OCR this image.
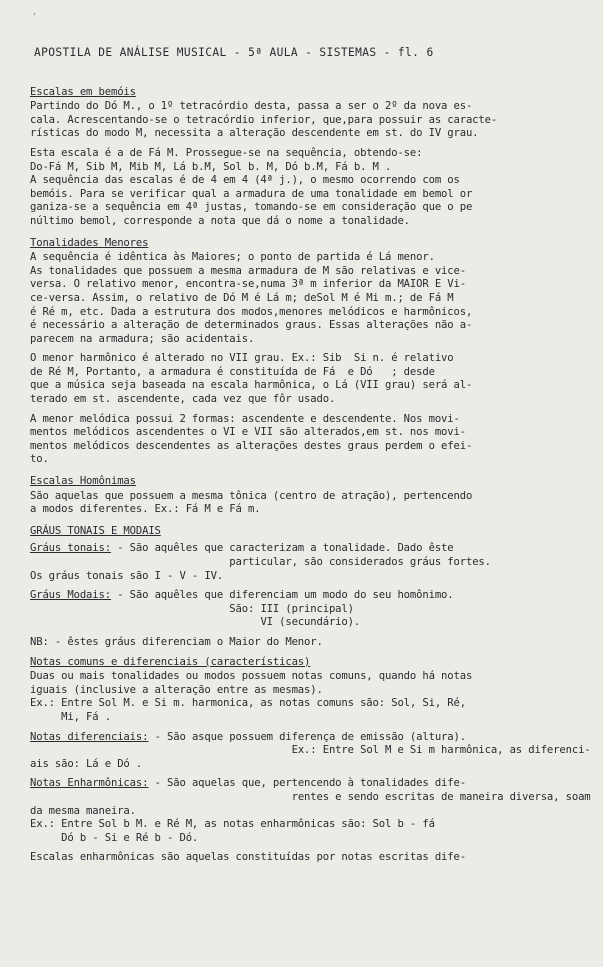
’
APOSTILA DE ANÁLISE MUSICAL - 5ª AULA - SISTEMAS - fl. 6
Escalas em bemóis
Partindo do Dó M., o 1º tetracórdio desta, passa a ser o 2º da nova es-
cala. Acrescentando-se o tetracórdio inferior, que,para possuir as caracte-
rísticas do modo M, necessita a alteração descendente em st. do IV grau.
Esta escala é a de Fá M. Prossegue-se na sequência, obtendo-se:
Do-Fá M, Sib M, Mib M, Lá b.M, Sol b. M, Dó b.M, Fá b. M .
A sequência das escalas é de 4 em 4 (4ª j.), o mesmo ocorrendo com os
bemóis. Para se verificar qual a armadura de uma tonalidade em bemol or
ganiza-se a sequência em 4ª justas, tomando-se em consideração que o pe
núltimo bemol, corresponde a nota que dá o nome a tonalidade.
Tonalidades Menores
A sequência é idêntica às Maiores; o ponto de partida é Lá menor.
As tonalidades que possuem a mesma armadura de M são relativas e vice-
versa. O relativo menor, encontra-se,numa 3ª m inferior da MAIOR E Vi-
ce-versa. Assim, o relativo de Dó M é Lá m; deSol M é Mi m.; de Fá M
é Ré m, etc. Dada a estrutura dos modos,menores melódicos e harmônicos,
é necessário a alteração de determinados graus. Essas alterações não a-
parecem na armadura; são acidentais.
O menor harmônico é alterado no VII grau. Ex.: Sib  Si n. é relativo
de Ré M, Portanto, a armadura é constituída de Fá  e Dó   ; desde
que a música seja baseada na escala harmônica, o Lá (VII grau) será al-
terado em st. ascendente, cada vez que fôr usado.
A menor melódica possui 2 formas: ascendente e descendente. Nos movi-
mentos melódicos ascendentes o VI e VII são alterados,em st. nos movi-
mentos melódicos descendentes as alterações destes graus perdem o efei-
to.
Escalas Homônimas
São aquelas que possuem a mesma tônica (centro de atração), pertencendo
a modos diferentes. Ex.: Fá M e Fá m.
GRÁUS TONAIS E MODAIS
Gráus tonais: - São aquêles que caracterizam a tonalidade. Dado êste
particular, são considerados gráus fortes.
Os gráus tonais são I - V - IV.
Gráus Modais: - São aquêles que diferenciam um modo do seu homônimo.
São: III (principal)
VI (secundário).
NB: - êstes gráus diferenciam o Maior do Menor.
Notas comuns e diferenciais (características)
Duas ou mais tonalidades ou modos possuem notas comuns, quando há notas
iguais (inclusive a alteração entre as mesmas).
Ex.: Entre Sol M. e Si m. harmonica, as notas comuns são: Sol, Si, Ré,
Mi, Fá .
Notas diferenciais: - São asque possuem diferença de emissão (altura).
Ex.: Entre Sol M e Si m harmônica, as diferenci-
ais são: Lá e Dó .
Notas Enharmônicas: - São aquelas que, pertencendo à tonalidades dife-
rentes e sendo escritas de maneira diversa, soam
da mesma maneira.
Ex.: Entre Sol b M. e Ré M, as notas enharmônicas são: Sol b - fá
Dó b - Si e Ré b - Dó.
Escalas enharmônicas são aquelas constituídas por notas escritas dife-
